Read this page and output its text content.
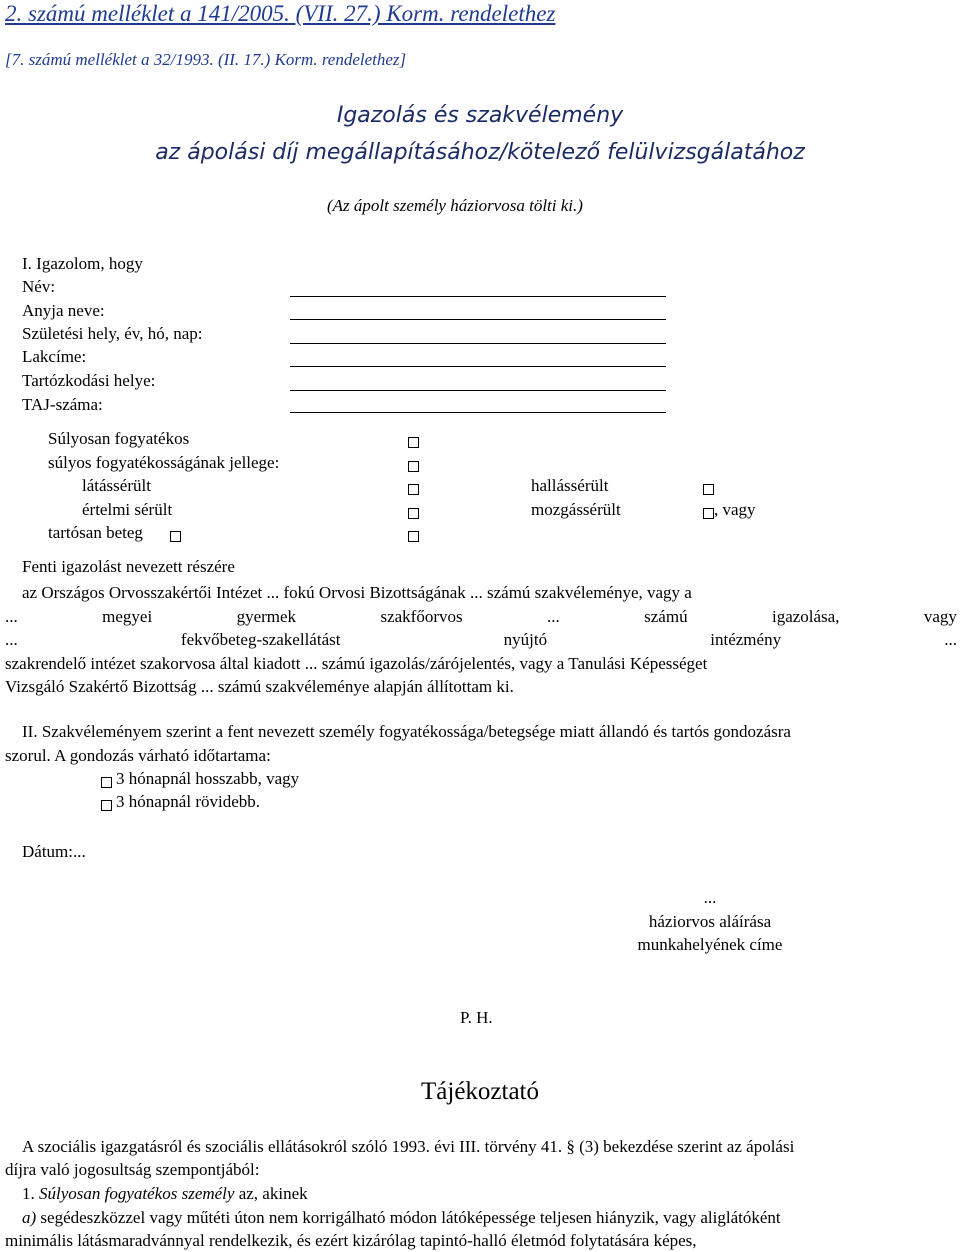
2. számú melléklet a 141/2005. (VII. 27.) Korm. rendelethez
[7. számú melléklet a 32/1993. (II. 17.) Korm. rendelethez]
Igazolás és szakvélemény
az ápolási díj megállapításához/kötelező felülvizsgálatához
(Az ápolt személy háziorvosa tölti ki.)
I. Igazolom, hogy
Név:
Anyja neve:
Születési hely, év, hó, nap:
Lakcíme:
Tartózkodási helye:
TAJ-száma:
Súlyosan fogyatékos
súlyos fogyatékosságának jellege:
látássérült	hallássérült
értelmi sérült	mozgássérült	, vagy
tartósan beteg
Fenti igazolást nevezett részére
az Országos Orvosszakértői Intézet ... fokú Orvosi Bizottságának ... számú szakvéleménye, vagy a
...	megyei	gyermek	szakfőorvos	...	számú	igazolása,	vagy
...	fekvőbeteg-szakellátást	nyújtó	intézmény	...
szakrendelő intézet szakorvosa által kiadott ... számú igazolás/zárójelentés, vagy a Tanulási Képességet
Vizsgáló Szakértő Bizottság ... számú szakvéleménye alapján állítottam ki.
II. Szakvéleményem szerint a fent nevezett személy fogyatékossága/betegsége miatt állandó és tartós gondozásra
szorul. A gondozás várható időtartama:
3 hónapnál hosszabb, vagy
3 hónapnál rövidebb.
Dátum:...
...
háziorvos aláírása
munkahelyének címe
P. H.
Tájékoztató
A szociális igazgatásról és szociális ellátásokról szóló 1993. évi III. törvény 41. § (3) bekezdése szerint az ápolási
díjra való jogosultság szempontjából:
1. Súlyosan fogyatékos személy az, akinek
a) segédeszközzel vagy műtéti úton nem korrigálható módon látóképessége teljesen hiányzik, vagy aliglátóként
minimális látásmaradvánnyal rendelkezik, és ezért kizárólag tapintó-halló életmód folytatására képes,
